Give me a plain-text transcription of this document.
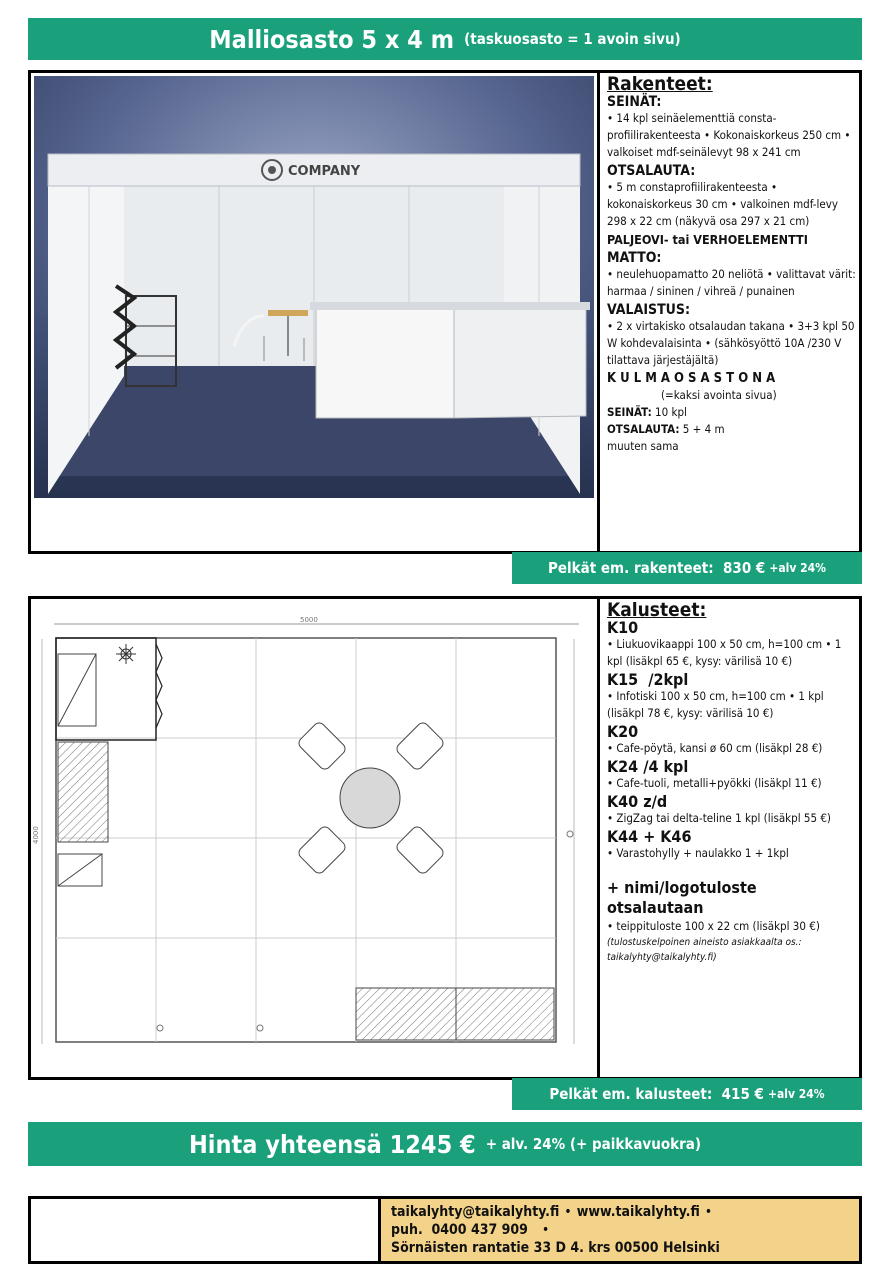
Malliosasto 5 x 4 m (taskuosasto = 1 avoin sivu)
COMPANY
Rakenteet:
SEINÄT:
• 14 kpl seinäelementtiä consta-profiilirakenteesta • Kokonaiskorkeus 250 cm • valkoiset mdf-seinälevyt 98 x 241 cm
OTSALAUTA:
• 5 m constaprofiilirakenteesta • kokonaiskorkeus 30 cm • valkoinen mdf-levy 298 x 22 cm (näkyvä osa 297 x 21 cm)
PALJEOVI- tai VERHOELEMENTTI
MATTO:
• neulehuopamatto 20 neliötä • valittavat värit: harmaa / sininen / vihreä / punainen
VALAISTUS:
• 2 x virtakisko otsalaudan takana • 3+3 kpl 50 W kohdevalaisinta • (sähkösyöttö 10A /230 V tilattava järjestäjältä)
K U L M A O S A S T O N A
(=kaksi avointa sivua)
SEINÄT: 10 kpl
OTSALAUTA: 5 + 4 m
muuten sama
Pelkät em. rakenteet:
830 € +alv 24%
5000
4000
Kalusteet:
K10
• Liukuovikaappi 100 x 50 cm, h=100 cm • 1 kpl (lisäkpl 65 €, kysy: värilisä 10 €)
K15  /2kpl
• Infotiski 100 x 50 cm, h=100 cm • 1 kpl (lisäkpl 78 €, kysy: värilisä 10 €)
K20
• Cafe-pöytä, kansi ø 60 cm (lisäkpl 28 €)
K24 /4 kpl
• Cafe-tuoli, metalli+pyökki (lisäkpl 11 €)
K40 z/d
• ZigZag tai delta-teline 1 kpl (lisäkpl 55 €)
K44 + K46
• Varastohylly + naulakko 1 + 1kpl
+ nimi/logotuloste otsalautaan
• teippituloste 100 x 22 cm (lisäkpl 30 €)
(tulostuskelpoinen aineisto asiakkaalta os.: taikalyhty@taikalyhty.fi)
Pelkät em. kalusteet:
415 € +alv 24%
Hinta yhteensä 1245 € + alv. 24% (+ paikkavuokra)
taikalyhty@taikalyhty.fi • www.taikalyhty.fi •
puh.  0400 437 909 •
Sörnäisten rantatie 33 D 4. krs 00500 Helsinki
